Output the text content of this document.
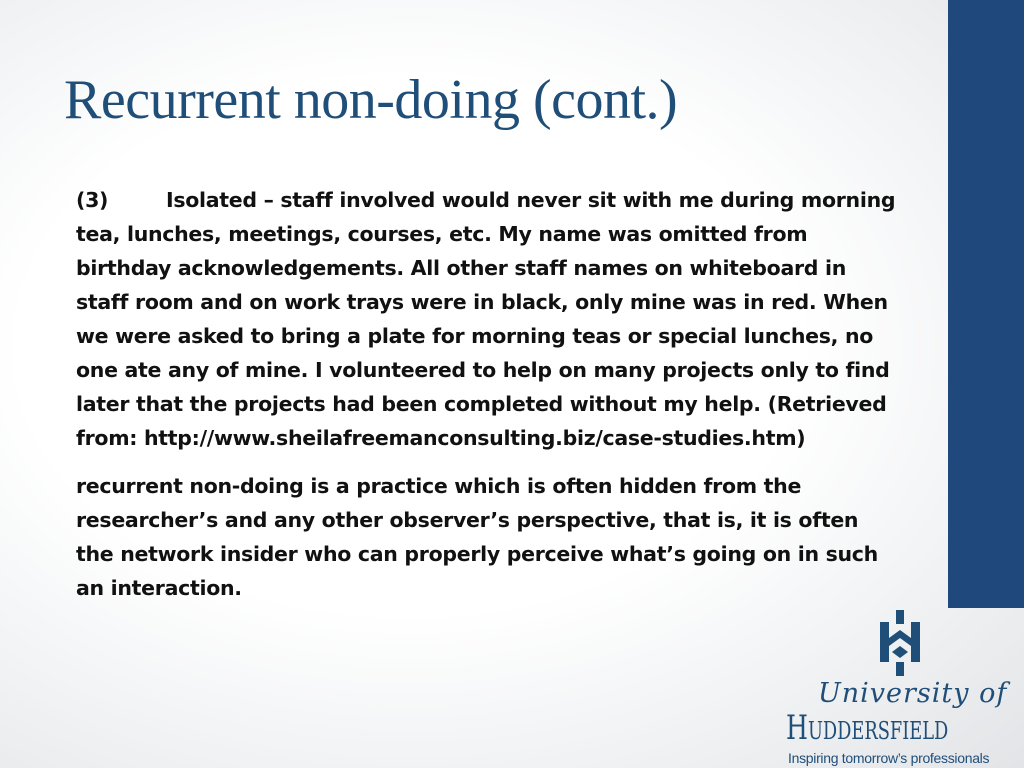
Recurrent non-doing (cont.)

(3)	Isolated – staff involved would never sit with me during morning tea, lunches, meetings, courses, etc. My name was omitted from birthday acknowledgements. All other staff names on whiteboard in staff room and on work trays were in black, only mine was in red. When we were asked to bring a plate for morning teas or special lunches, no one ate any of mine. I volunteered to help on many projects only to find later that the projects had been completed without my help. (Retrieved from: http://www.sheilafreemanconsulting.biz/case-studies.htm)

recurrent non-doing is a practice which is often hidden from the researcher’s and any other observer’s perspective, that is, it is often the network insider who can properly perceive what’s going on in such an interaction.

University of
Huddersfield
Inspiring tomorrow’s professionals
